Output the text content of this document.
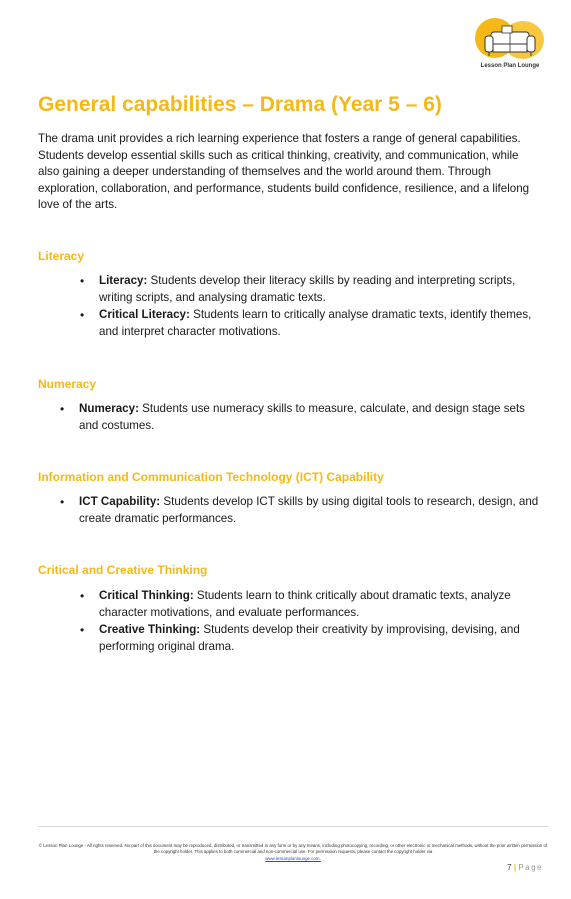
Lesson Plan Lounge
General capabilities – Drama (Year 5 – 6)

The drama unit provides a rich learning experience that fosters a range of general capabilities. Students develop essential skills such as critical thinking, creativity, and communication, while also gaining a deeper understanding of themselves and the world around them. Through exploration, collaboration, and performance, students build confidence, resilience, and a lifelong love of the arts.

Literacy
• Literacy: Students develop their literacy skills by reading and interpreting scripts, writing scripts, and analysing dramatic texts.
• Critical Literacy: Students learn to critically analyse dramatic texts, identify themes, and interpret character motivations.
Numeracy
• Numeracy: Students use numeracy skills to measure, calculate, and design stage sets and costumes.
Information and Communication Technology (ICT) Capability
• ICT Capability: Students develop ICT skills by using digital tools to research, design, and create dramatic performances.
Critical and Creative Thinking
• Critical Thinking: Students learn to think critically about dramatic texts, analyze character motivations, and evaluate performances.
• Creative Thinking: Students develop their creativity by improvising, devising, and performing original drama.
© Lesson Plan Lounge - All rights reserved. No part of this document may be reproduced, distributed, or transmitted in any form or by any means, including photocopying, recording, or other electronic or mechanical methods, without the prior written permission of the copyright holder. This applies to both commercial and non-commercial use. For permission requests, please contact the copyright holder via
www.lessonplanlounge.com.
7 | Page
